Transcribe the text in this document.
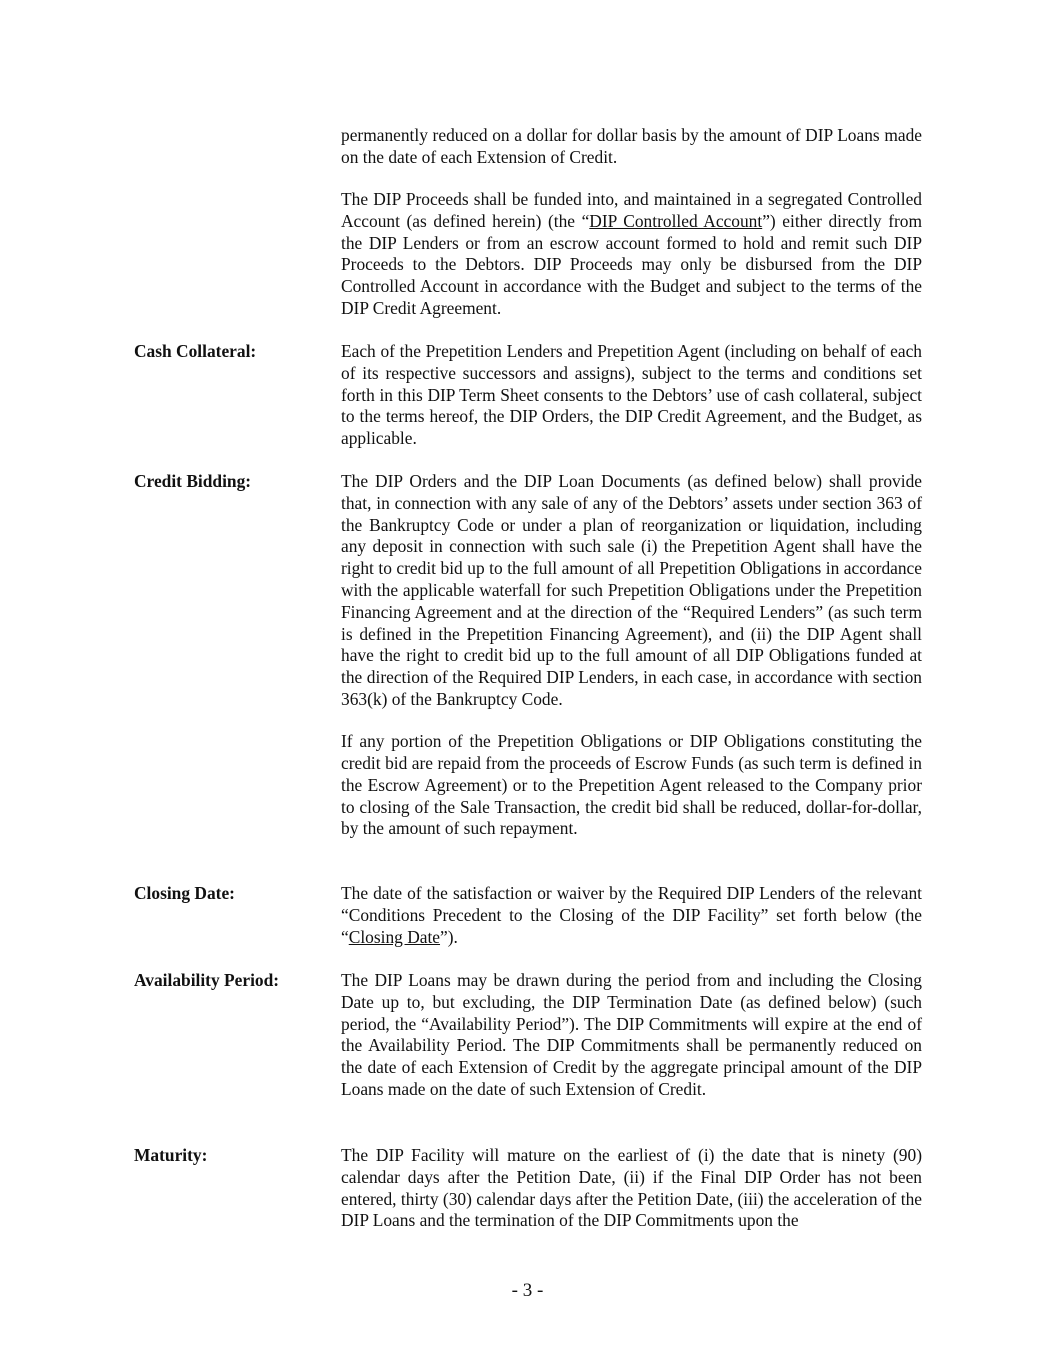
permanently reduced on a dollar for dollar basis by the amount of DIP Loans made on the date of each Extension of Credit.

The DIP Proceeds shall be funded into, and maintained in a segregated Controlled Account (as defined herein) (the “DIP Controlled Account”) either directly from the DIP Lenders or from an escrow account formed to hold and remit such DIP Proceeds to the Debtors. DIP Proceeds may only be disbursed from the DIP Controlled Account in accordance with the Budget and subject to the terms of the DIP Credit Agreement.

Cash Collateral:	Each of the Prepetition Lenders and Prepetition Agent (including on behalf of each of its respective successors and assigns), subject to the terms and conditions set forth in this DIP Term Sheet consents to the Debtors’ use of cash collateral, subject to the terms hereof, the DIP Orders, the DIP Credit Agreement, and the Budget, as applicable.

Credit Bidding:	The DIP Orders and the DIP Loan Documents (as defined below) shall provide that, in connection with any sale of any of the Debtors’ assets under section 363 of the Bankruptcy Code or under a plan of reorganization or liquidation, including any deposit in connection with such sale (i) the Prepetition Agent shall have the right to credit bid up to the full amount of all Prepetition Obligations in accordance with the applicable waterfall for such Prepetition Obligations under the Prepetition Financing Agreement and at the direction of the “Required Lenders” (as such term is defined in the Prepetition Financing Agreement), and (ii) the DIP Agent shall have the right to credit bid up to the full amount of all DIP Obligations funded at the direction of the Required DIP Lenders, in each case, in accordance with section 363(k) of the Bankruptcy Code.

If any portion of the Prepetition Obligations or DIP Obligations constituting the credit bid are repaid from the proceeds of Escrow Funds (as such term is defined in the Escrow Agreement) or to the Prepetition Agent released to the Company prior to closing of the Sale Transaction, the credit bid shall be reduced, dollar-for-dollar, by the amount of such repayment.

Closing Date:	The date of the satisfaction or waiver by the Required DIP Lenders of the relevant “Conditions Precedent to the Closing of the DIP Facility” set forth below (the “Closing Date”).

Availability Period:	The DIP Loans may be drawn during the period from and including the Closing Date up to, but excluding, the DIP Termination Date (as defined below) (such period, the “Availability Period”). The DIP Commitments will expire at the end of the Availability Period. The DIP Commitments shall be permanently reduced on the date of each Extension of Credit by the aggregate principal amount of the DIP Loans made on the date of such Extension of Credit.

Maturity:	The DIP Facility will mature on the earliest of (i) the date that is ninety (90) calendar days after the Petition Date, (ii) if the Final DIP Order has not been entered, thirty (30) calendar days after the Petition Date, (iii) the acceleration of the DIP Loans and the termination of the DIP Commitments upon the

- 3 -
